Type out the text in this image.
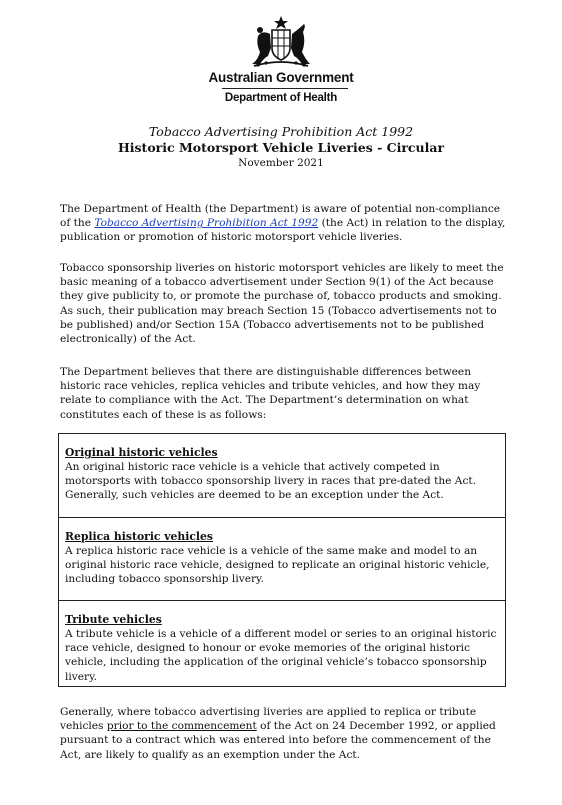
Australian Government
Department of Health
Tobacco Advertising Prohibition Act 1992
Historic Motorsport Vehicle Liveries - Circular
November 2021

The Department of Health (the Department) is aware of potential non-compliance of the Tobacco Advertising Prohibition Act 1992 (the Act) in relation to the display, publication or promotion of historic motorsport vehicle liveries.

Tobacco sponsorship liveries on historic motorsport vehicles are likely to meet the basic meaning of a tobacco advertisement under Section 9(1) of the Act because they give publicity to, or promote the purchase of, tobacco products and smoking. As such, their publication may breach Section 15 (Tobacco advertisements not to be published) and/or Section 15A (Tobacco advertisements not to be published electronically) of the Act.

The Department believes that there are distinguishable differences between historic race vehicles, replica vehicles and tribute vehicles, and how they may relate to compliance with the Act. The Department’s determination on what constitutes each of these is as follows:

Original historic vehicles

An original historic race vehicle is a vehicle that actively competed in motorsports with tobacco sponsorship livery in races that pre-dated the Act. Generally, such vehicles are deemed to be an exception under the Act.

Replica historic vehicles

A replica historic race vehicle is a vehicle of the same make and model to an original historic race vehicle, designed to replicate an original historic vehicle, including tobacco sponsorship livery.

Tribute vehicles

A tribute vehicle is a vehicle of a different model or series to an original historic race vehicle, designed to honour or evoke memories of the original historic vehicle, including the application of the original vehicle’s tobacco sponsorship livery.

Generally, where tobacco advertising liveries are applied to replica or tribute vehicles prior to the commencement of the Act on 24 December 1992, or applied pursuant to a contract which was entered into before the commencement of the Act, are likely to qualify as an exemption under the Act.
